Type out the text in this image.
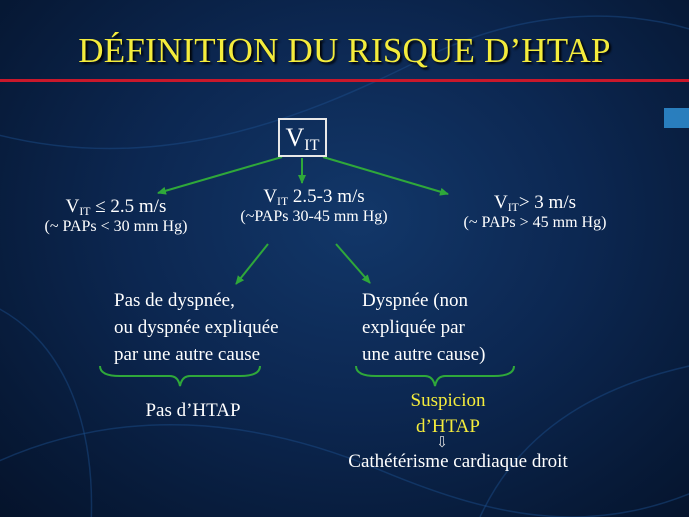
DÉFINITION DU RISQUE D’HTAP
$V_{IT}$
$V_{IT} \le 2.5$ m/s
(~ PAPs < 30 mm Hg)
$V_{IT}$ 2.5-3 m/s
(~PAPs 30-45 mm Hg)
$V_{IT}> 3$ m/s
(~ PAPs > 45 mm Hg)
Pas de dyspnée,
ou dyspnée expliquée
par une autre cause
Dyspnée (non
expliquée par
une autre cause)
Pas d’HTAP	Suspicion
d’HTAP
⇩
Cathétérisme cardiaque droit
